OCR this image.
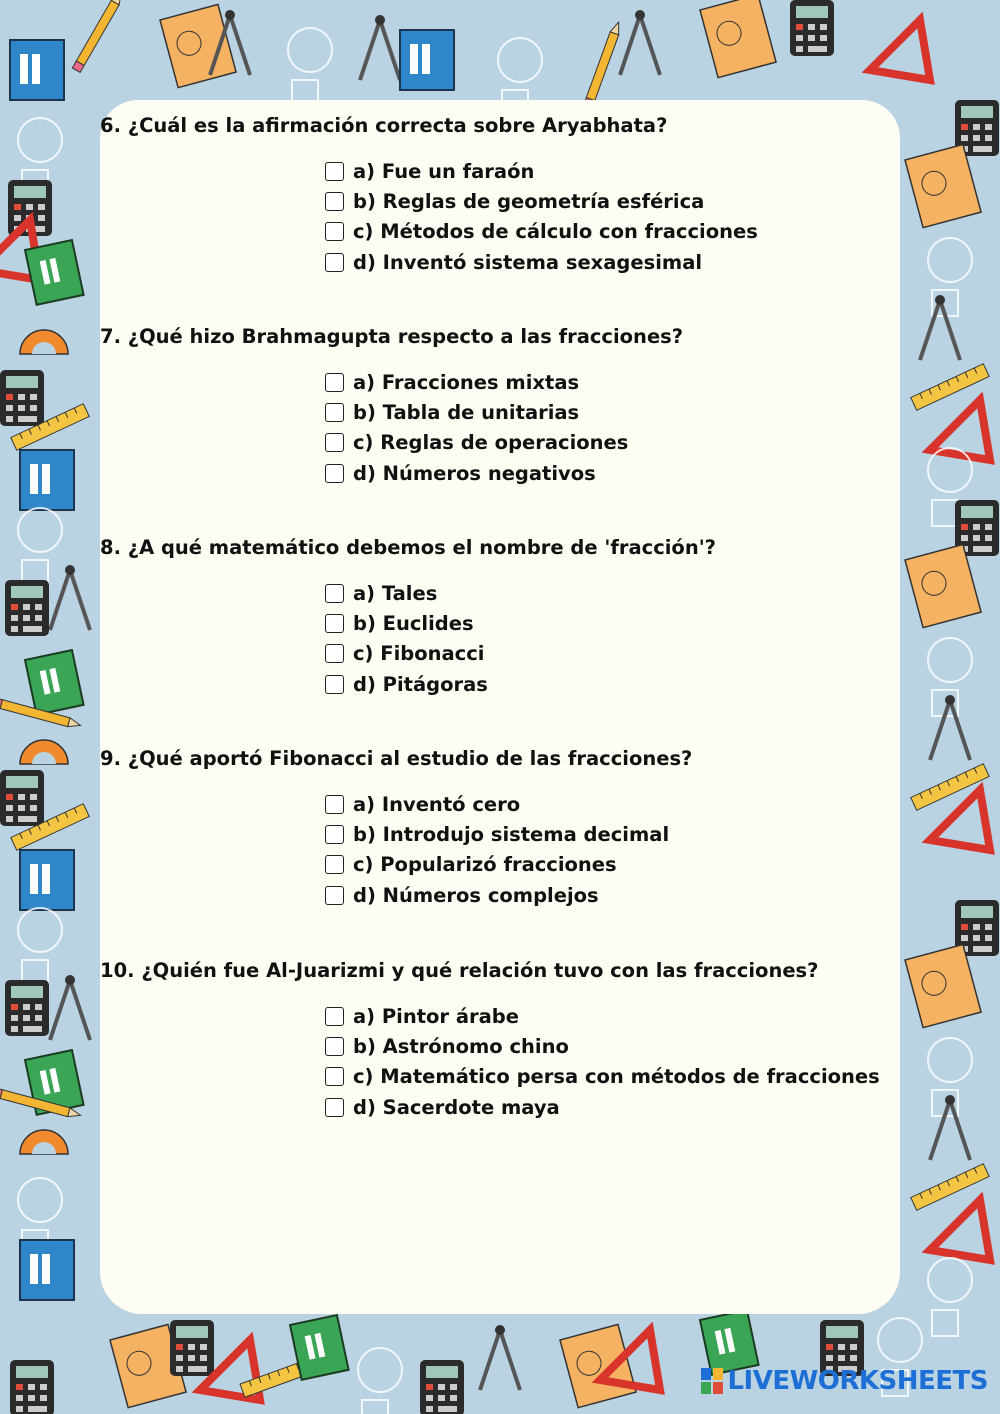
6. ¿Cuál es la afirmación correcta sobre Aryabhata?

a) Fue un faraón
b) Reglas de geometría esférica
c) Métodos de cálculo con fracciones
d) Inventó sistema sexagesimal

7. ¿Qué hizo Brahmagupta respecto a las fracciones?

a) Fracciones mixtas
b) Tabla de unitarias
c) Reglas de operaciones
d) Números negativos

8. ¿A qué matemático debemos el nombre de 'fracción'?

a) Tales
b) Euclides
c) Fibonacci
d) Pitágoras

9. ¿Qué aportó Fibonacci al estudio de las fracciones?

a) Inventó cero
b) Introdujo sistema decimal
c) Popularizó fracciones
d) Números complejos

10. ¿Quién fue Al-Juarizmi y qué relación tuvo con las fracciones?

a) Pintor árabe
b) Astrónomo chino
c) Matemático persa con métodos de fracciones
d) Sacerdote maya
LIVEWORKSHEETS
